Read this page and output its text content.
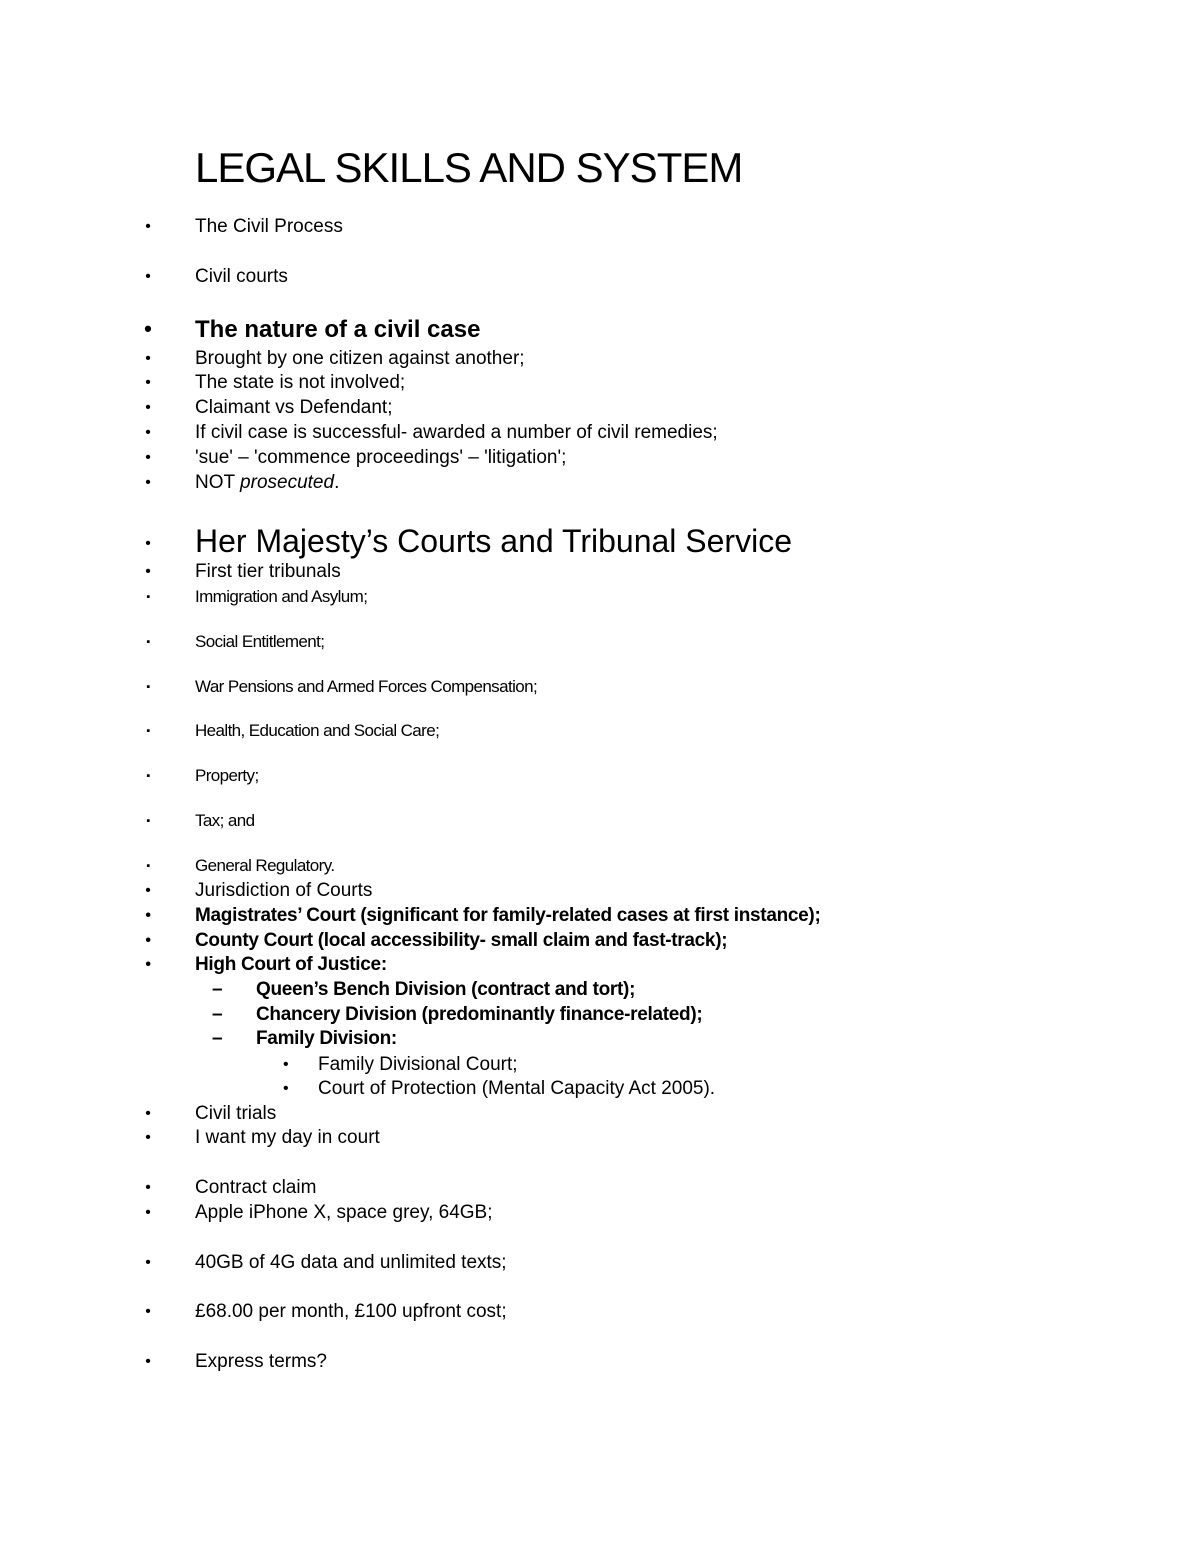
LEGAL SKILLS AND SYSTEM
• The Civil Process
• Civil courts
• The nature of a civil case
• Brought by one citizen against another;
• The state is not involved;
• Claimant vs Defendant;
• If civil case is successful- awarded a number of civil remedies;
• 'sue' – 'commence proceedings' – 'litigation';
• NOT prosecuted.
• Her Majesty’s Courts and Tribunal Service
• First tier tribunals
▪	Immigration and Asylum;
▪	Social Entitlement;
▪	War Pensions and Armed Forces Compensation;
▪	Health, Education and Social Care;
▪	Property;
▪	Tax; and
▪	General Regulatory.
• Jurisdiction of Courts
• Magistrates’ Court (significant for family-related cases at first instance);
• County Court (local accessibility- small claim and fast-track);
• High Court of Justice:
– Queen’s Bench Division (contract and tort);
– Chancery Division (predominantly finance-related);
– Family Division:
• Family Divisional Court;
• Court of Protection (Mental Capacity Act 2005).
• Civil trials
• I want my day in court
• Contract claim
• Apple iPhone X, space grey, 64GB;
• 40GB of 4G data and unlimited texts;
• £68.00 per month, £100 upfront cost;
• Express terms?
